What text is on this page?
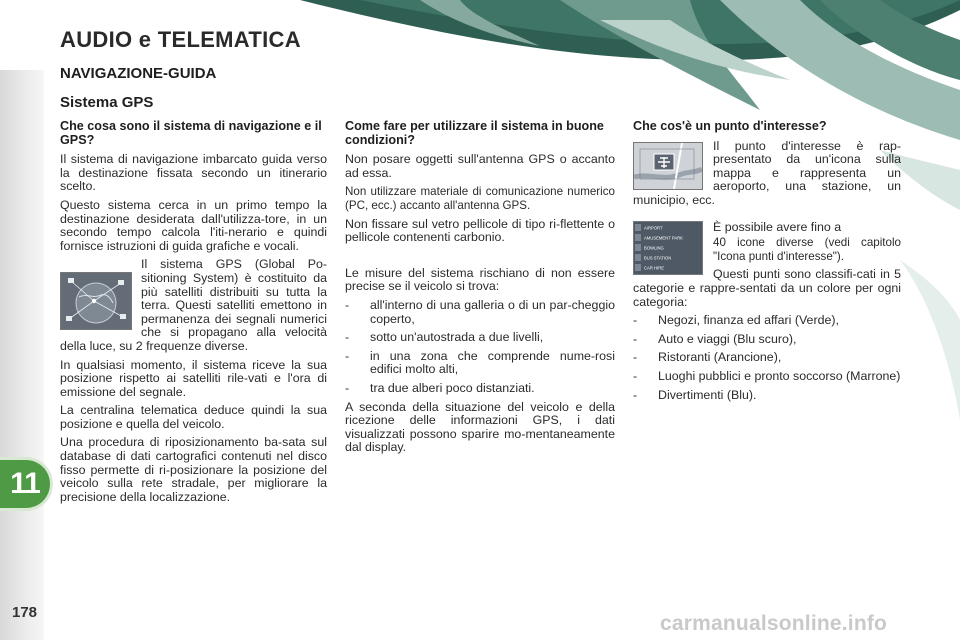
AUDIO e TELEMATICA
NAVIGAZIONE-GUIDA
Sistema GPS
Che cosa sono il sistema di navigazione e il GPS?

Il sistema di navigazione imbarcato guida verso la destinazione fissata secondo un itinerario scelto.

Questo sistema cerca in un primo tempo la destinazione desiderata dall'utilizza-tore, in un secondo tempo calcola l'iti-nerario e quindi fornisce istruzioni di guida grafiche e vocali.

Il sistema GPS (Global Po-sitioning System) è costituito da più satelliti distribuiti su tutta la terra. Questi satelliti emettono in permanenza dei segnali numerici che si propagano alla velocità della luce, su 2 frequenze diverse.

In qualsiasi momento, il sistema riceve la sua posizione rispetto ai satelliti rile-vati e l'ora di emissione del segnale.

La centralina telematica deduce quindi la sua posizione e quella del veicolo.

Una procedura di riposizionamento ba-sata sul database di dati cartografici contenuti nel disco fisso permette di ri-posizionare la posizione del veicolo sulla rete stradale, per migliorare la precisione della localizzazione.

Come fare per utilizzare il sistema in buone condizioni?

Non posare oggetti sull'antenna GPS o accanto ad essa.

Non utilizzare materiale di comunicazione numerico (PC, ecc.) accanto all'antenna GPS.

Non fissare sul vetro pellicole di tipo ri-flettente o pellicole contenenti carbonio.

Le misure del sistema rischiano di non essere precise se il veicolo si trova:

- all'interno di una galleria o di un par-cheggio coperto,
- sotto un'autostrada a due livelli,
- in una zona che comprende nume-rosi edifici molto alti,
- tra due alberi poco distanziati.

A seconda della situazione del veicolo e della ricezione delle informazioni GPS, i dati visualizzati possono sparire mo-mentaneamente dal display.

Che cos'è un punto d'interesse?

Il punto d'interesse è rap-presentato da un'icona sulla mappa e rappresenta un aeroporto, una stazione, un municipio, ecc.

AIRPORT
AMUSEMENT PARK
BOWLING
BUS STATION
CAR HIRE

È possibile avere fino a

40 icone diverse (vedi capitolo "Icona punti d'interesse").

Questi punti sono classifi-cati in 5 categorie e rappre-sentati da un colore per ogni categoria:

- Negozi, finanza ed affari (Verde),
- Auto e viaggi (Blu scuro),
- Ristoranti (Arancione),
- Luoghi pubblici e pronto soccorso (Marrone)
- Divertimenti (Blu).
11
178	carmanualsonline.info
